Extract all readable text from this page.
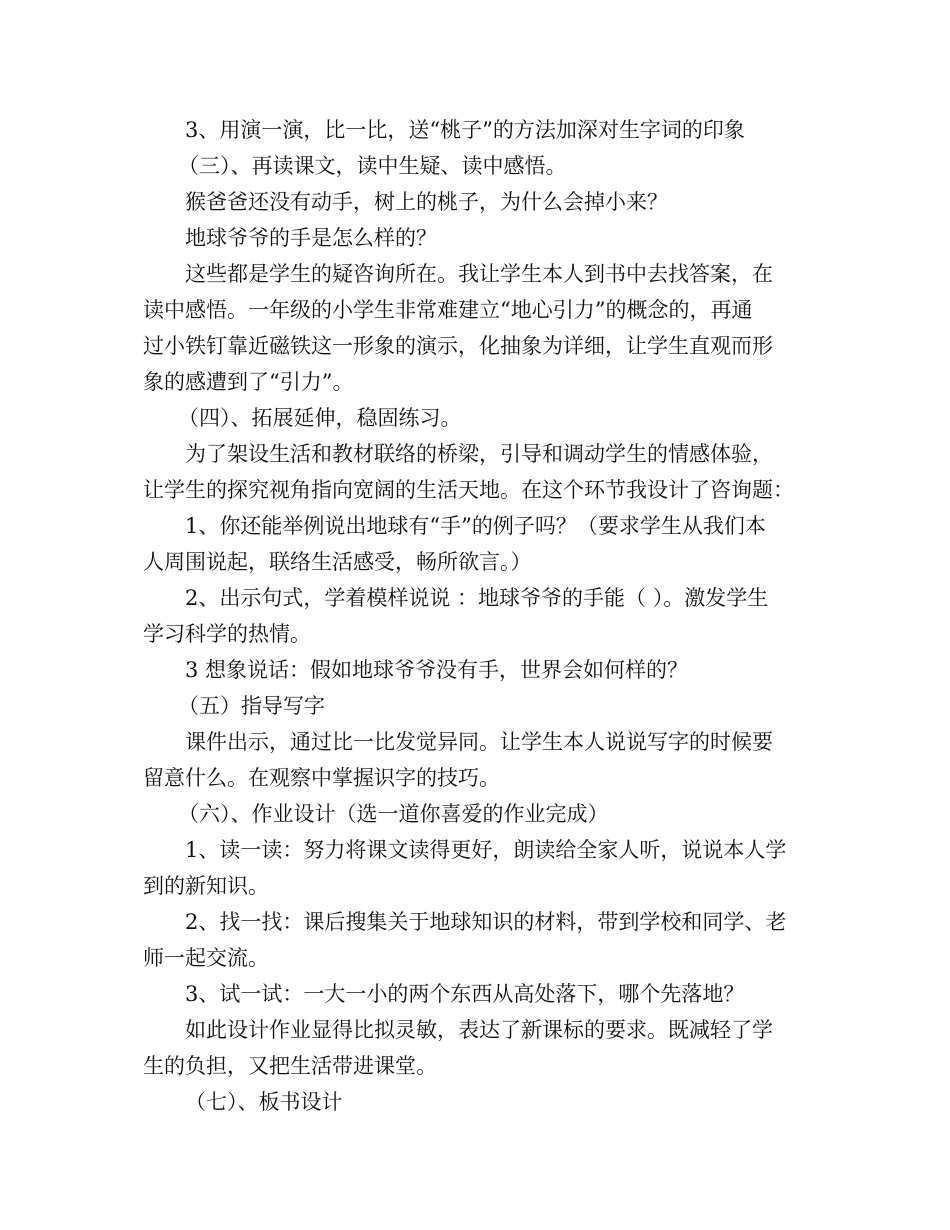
3、用演一演，比一比，送“桃子”的方法加深对生字词的印象
（三）、再读课文，读中生疑、读中感悟。
猴爸爸还没有动手，树上的桃子，为什么会掉小来？
地球爷爷的手是怎么样的？
这些都是学生的疑咨询所在。我让学生本人到书中去找答案，在
读中感悟。一年级的小学生非常难建立“地心引力”的概念的，再通
过小铁钉靠近磁铁这一形象的演示，化抽象为详细，让学生直观而形
象的感遭到了“引力”。
（四）、拓展延伸，稳固练习。
为了架设生活和教材联络的桥梁，引导和调动学生的情感体验，
让学生的探究视角指向宽阔的生活天地。在这个环节我设计了咨询题：
1、你还能举例说出地球有“手”的例子吗？（要求学生从我们本
人周围说起，联络生活感受，畅所欲言。）
2、出示句式，学着模样说说 ：地球爷爷的手能（ ）。激发学生
学习科学的热情。
3 想象说话：假如地球爷爷没有手，世界会如何样的？
（五）指导写字
课件出示，通过比一比发觉异同。让学生本人说说写字的时候要
留意什么。在观察中掌握识字的技巧。
（六）、作业设计（选一道你喜爱的作业完成）
1、读一读：努力将课文读得更好，朗读给全家人听，说说本人学
到的新知识。
2、找一找：课后搜集关于地球知识的材料，带到学校和同学、老
师一起交流。
3、试一试：一大一小的两个东西从高处落下，哪个先落地？
如此设计作业显得比拟灵敏，表达了新课标的要求。既减轻了学
生的负担，又把生活带进课堂。
（七）、板书设计
